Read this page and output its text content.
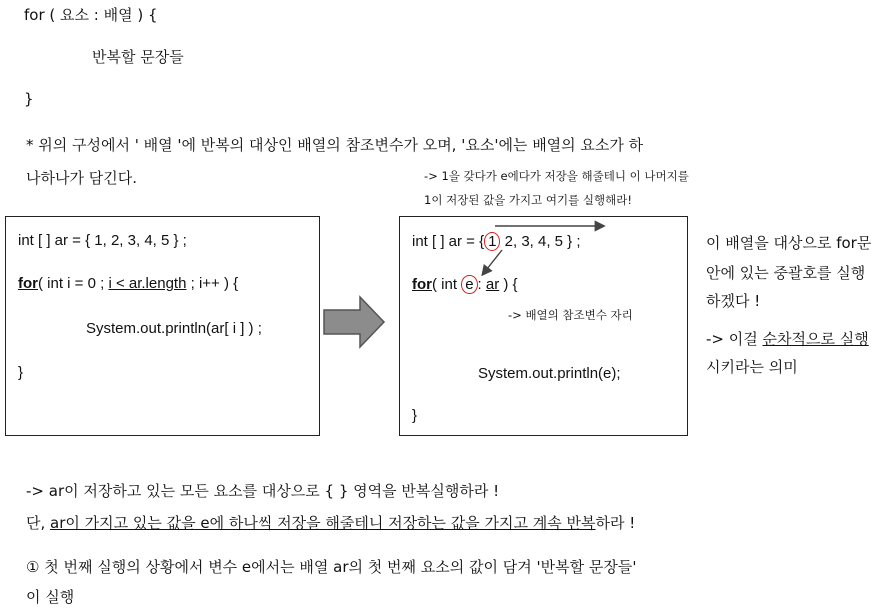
for ( 요소 : 배열 ) {
반복할 문장들
}
* 위의 구성에서 ' 배열 '에 반복의 대상인 배열의 참조변수가 오며, '요소'에는 배열의 요소가 하
나하나가 담긴다.	-> 1을 갖다가 e에다가 저장을 해줄테니 이 나머지를
1이 저장된 값을 가지고 여기를 실행해라!
int [ ] ar = { 1, 2, 3, 4, 5 } ;
for( int i = 0 ; i < ar.length ; i++ ) {
System.out.println(ar[ i ] ) ;
}
int [ ] ar = { 1 2, 3, 4, 5 } ;
for( int e : ar ) {
-> 배열의 참조변수 자리
System.out.println(e);
}
이 배열을 대상으로 for문
안에 있는 중괄호를 실행
하겠다 !
-> 이걸 순차적으로 실행
시키라는 의미
-> ar이 저장하고 있는 모든 요소를 대상으로 { } 영역을 반복실행하라 !
단, ar이 가지고 있는 값을 e에 하나씩 저장을 해줄테니 저장하는 값을 가지고 계속 반복하라 !
① 첫 번째 실행의 상황에서 변수 e에서는 배열 ar의 첫 번째 요소의 값이 담겨 '반복할 문장들'
이 실행
